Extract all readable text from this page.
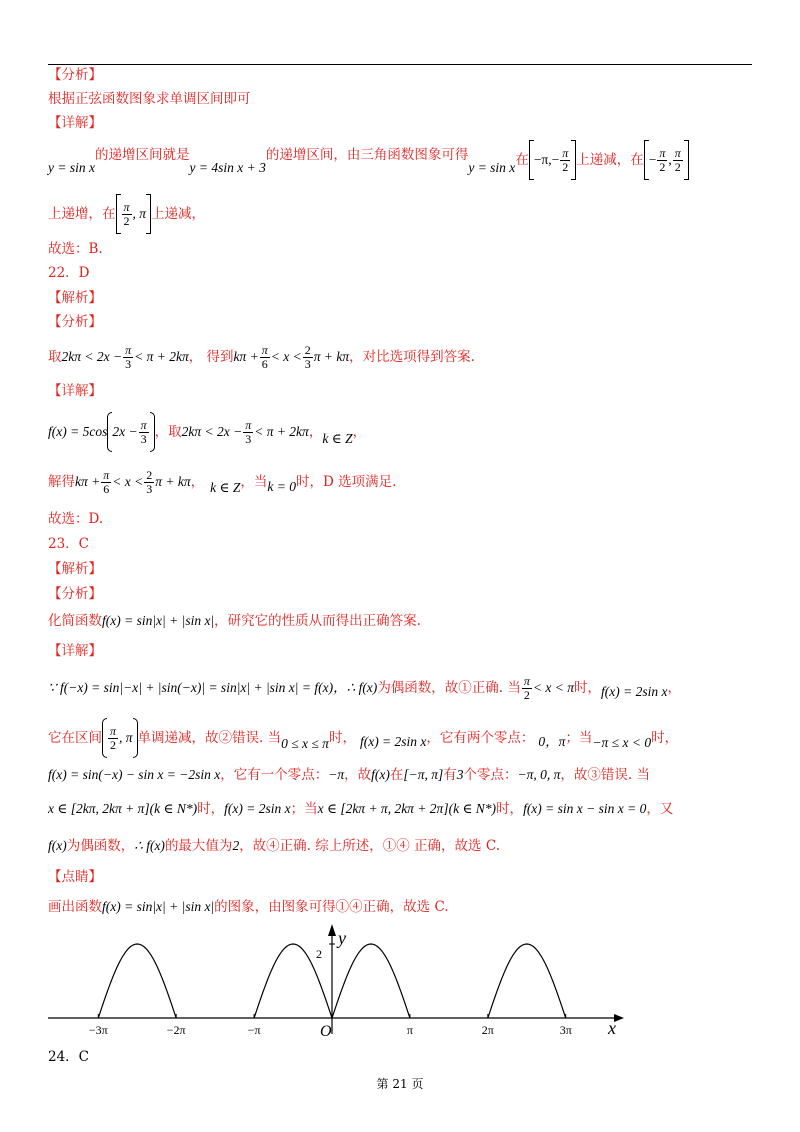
【分析】
根据正弦函数图象求单调区间即可
【详解】
y = sin x
的递增区间就是
y = 4sin x + 3
的递增区间，由三角函数图象可得
y = sin x 在 −π , − $\frac{\pi}{2}$ 上递减，在 − $\frac{\pi}{2}$ , $\frac{\pi}{2}$
上递增，在 $\frac{\pi}{2}$ , π 上递减，
故选：B.
22．D
【解析】
【分析】
取 $2k\pi < 2x - \frac{\pi}{3} < \pi + 2k\pi$ ， 得到 $k\pi + \frac{\pi}{6} < x < \frac{2}{3}$ π + kπ ，对比选项得到答案.
【详解】
f(x) = 5cos $2x - \frac{\pi}{3}$ ，取 $2k\pi < 2x - \frac{\pi}{3} < \pi + 2k\pi$ ， k ∈ Z ，
解得 $k\pi + \frac{\pi}{6} < x < \frac{2}{3}$ π + kπ ， k ∈ Z ，当 k = 0 时，D 选项满足.
故选：D.
23．C
【解析】
【分析】
化简函数f(x) = sin|x| + |sin x|，研究它的性质从而得出正确答案.
【详解】
∵ f(−x) = sin|−x| + |sin(−x)| = sin|x| + |sin x| = f(x)，∴ f(x) 为偶函数，故①正确. 当 $\frac{\pi}{2} < x < \pi$ 时， f(x) = 2sin x ，
它在区间 $\frac{\pi}{2}$ , π 单调递减，故②错误. 当 0 ≤ x ≤ π 时， f(x) = 2sin x ，它有两个零点： 0，π ；当 −π ≤ x < 0 时，
f(x) = sin(−x) − sin x = −2sin x，它有一个零点：−π，故f(x)在[−π, π]有3个零点：−π, 0, π，故③错误. 当
x ∈ [2kπ, 2kπ + π](k ∈ N*)时，f(x) = 2sin x；当x ∈ [2kπ + π, 2kπ + 2π](k ∈ N*)时，f(x) = sin x − sin x = 0，又
f(x)为偶函数，∴ f(x)的最大值为2，故④正确. 综上所述，①④ 正确，故选 C.
【点睛】
画出函数f(x) = sin|x| + |sin x|的图象，由图象可得①④正确，故选 C.
y
x
O
2
−3π	−2π	−π	π	2π	3π
24．C
第 21 页
